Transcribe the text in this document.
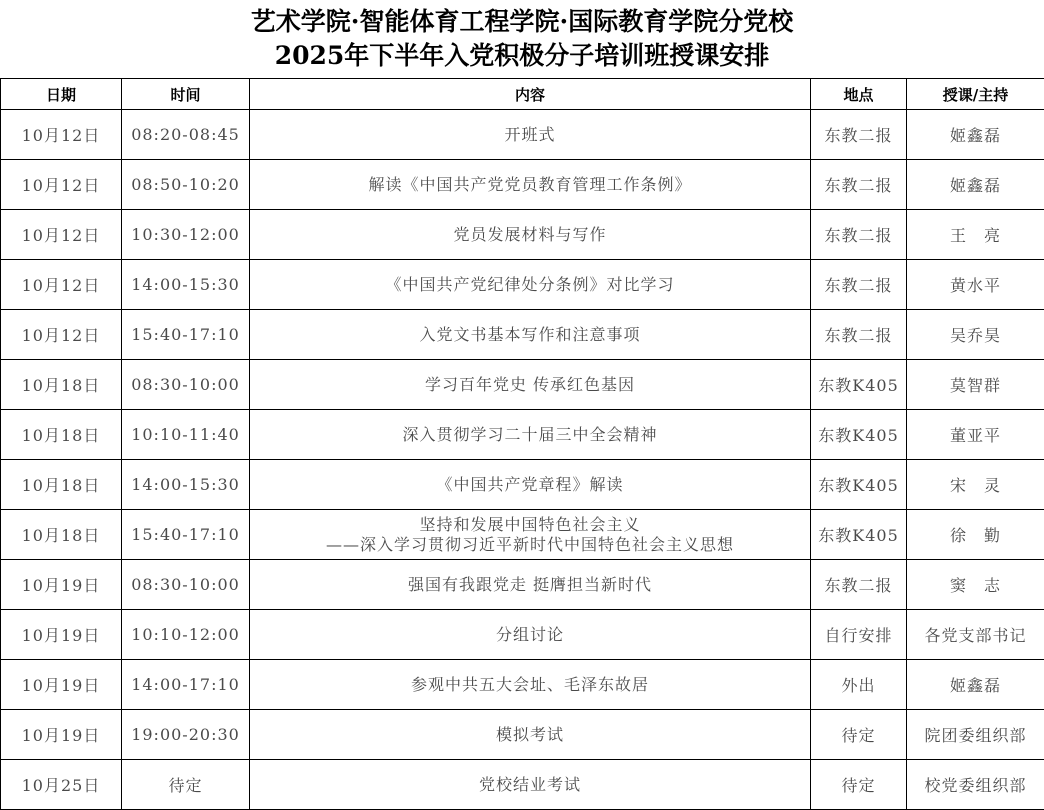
艺术学院·智能体育工程学院·国际教育学院分党校
2025年下半年入党积极分子培训班授课安排
日期	时间	内容	地点	授课/主持
10月12日	08:20-08:45	开班式	东教二报	姬鑫磊
10月12日	08:50-10:20	解读《中国共产党党员教育管理工作条例》	东教二报	姬鑫磊
10月12日	10:30-12:00	党员发展材料与写作	东教二报	王　亮
10月12日	14:00-15:30	《中国共产党纪律处分条例》对比学习	东教二报	黄水平
10月12日	15:40-17:10	入党文书基本写作和注意事项	东教二报	吴乔昊
10月18日	08:30-10:00	学习百年党史 传承红色基因	东教K405	莫智群
10月18日	10:10-11:40	深入贯彻学习二十届三中全会精神	东教K405	董亚平
10月18日	14:00-15:30	《中国共产党章程》解读	东教K405	宋　灵
10月18日	15:40-17:10	坚持和发展中国特色社会主义
——深入学习贯彻习近平新时代中国特色社会主义思想	东教K405	徐　勤
10月19日	08:30-10:00	强国有我跟党走 挺膺担当新时代	东教二报	窦　志
10月19日	10:10-12:00	分组讨论	自行安排	各党支部书记
10月19日	14:00-17:10	参观中共五大会址、毛泽东故居	外出	姬鑫磊
10月19日	19:00-20:30	模拟考试	待定	院团委组织部
10月25日	待定	党校结业考试	待定	校党委组织部
